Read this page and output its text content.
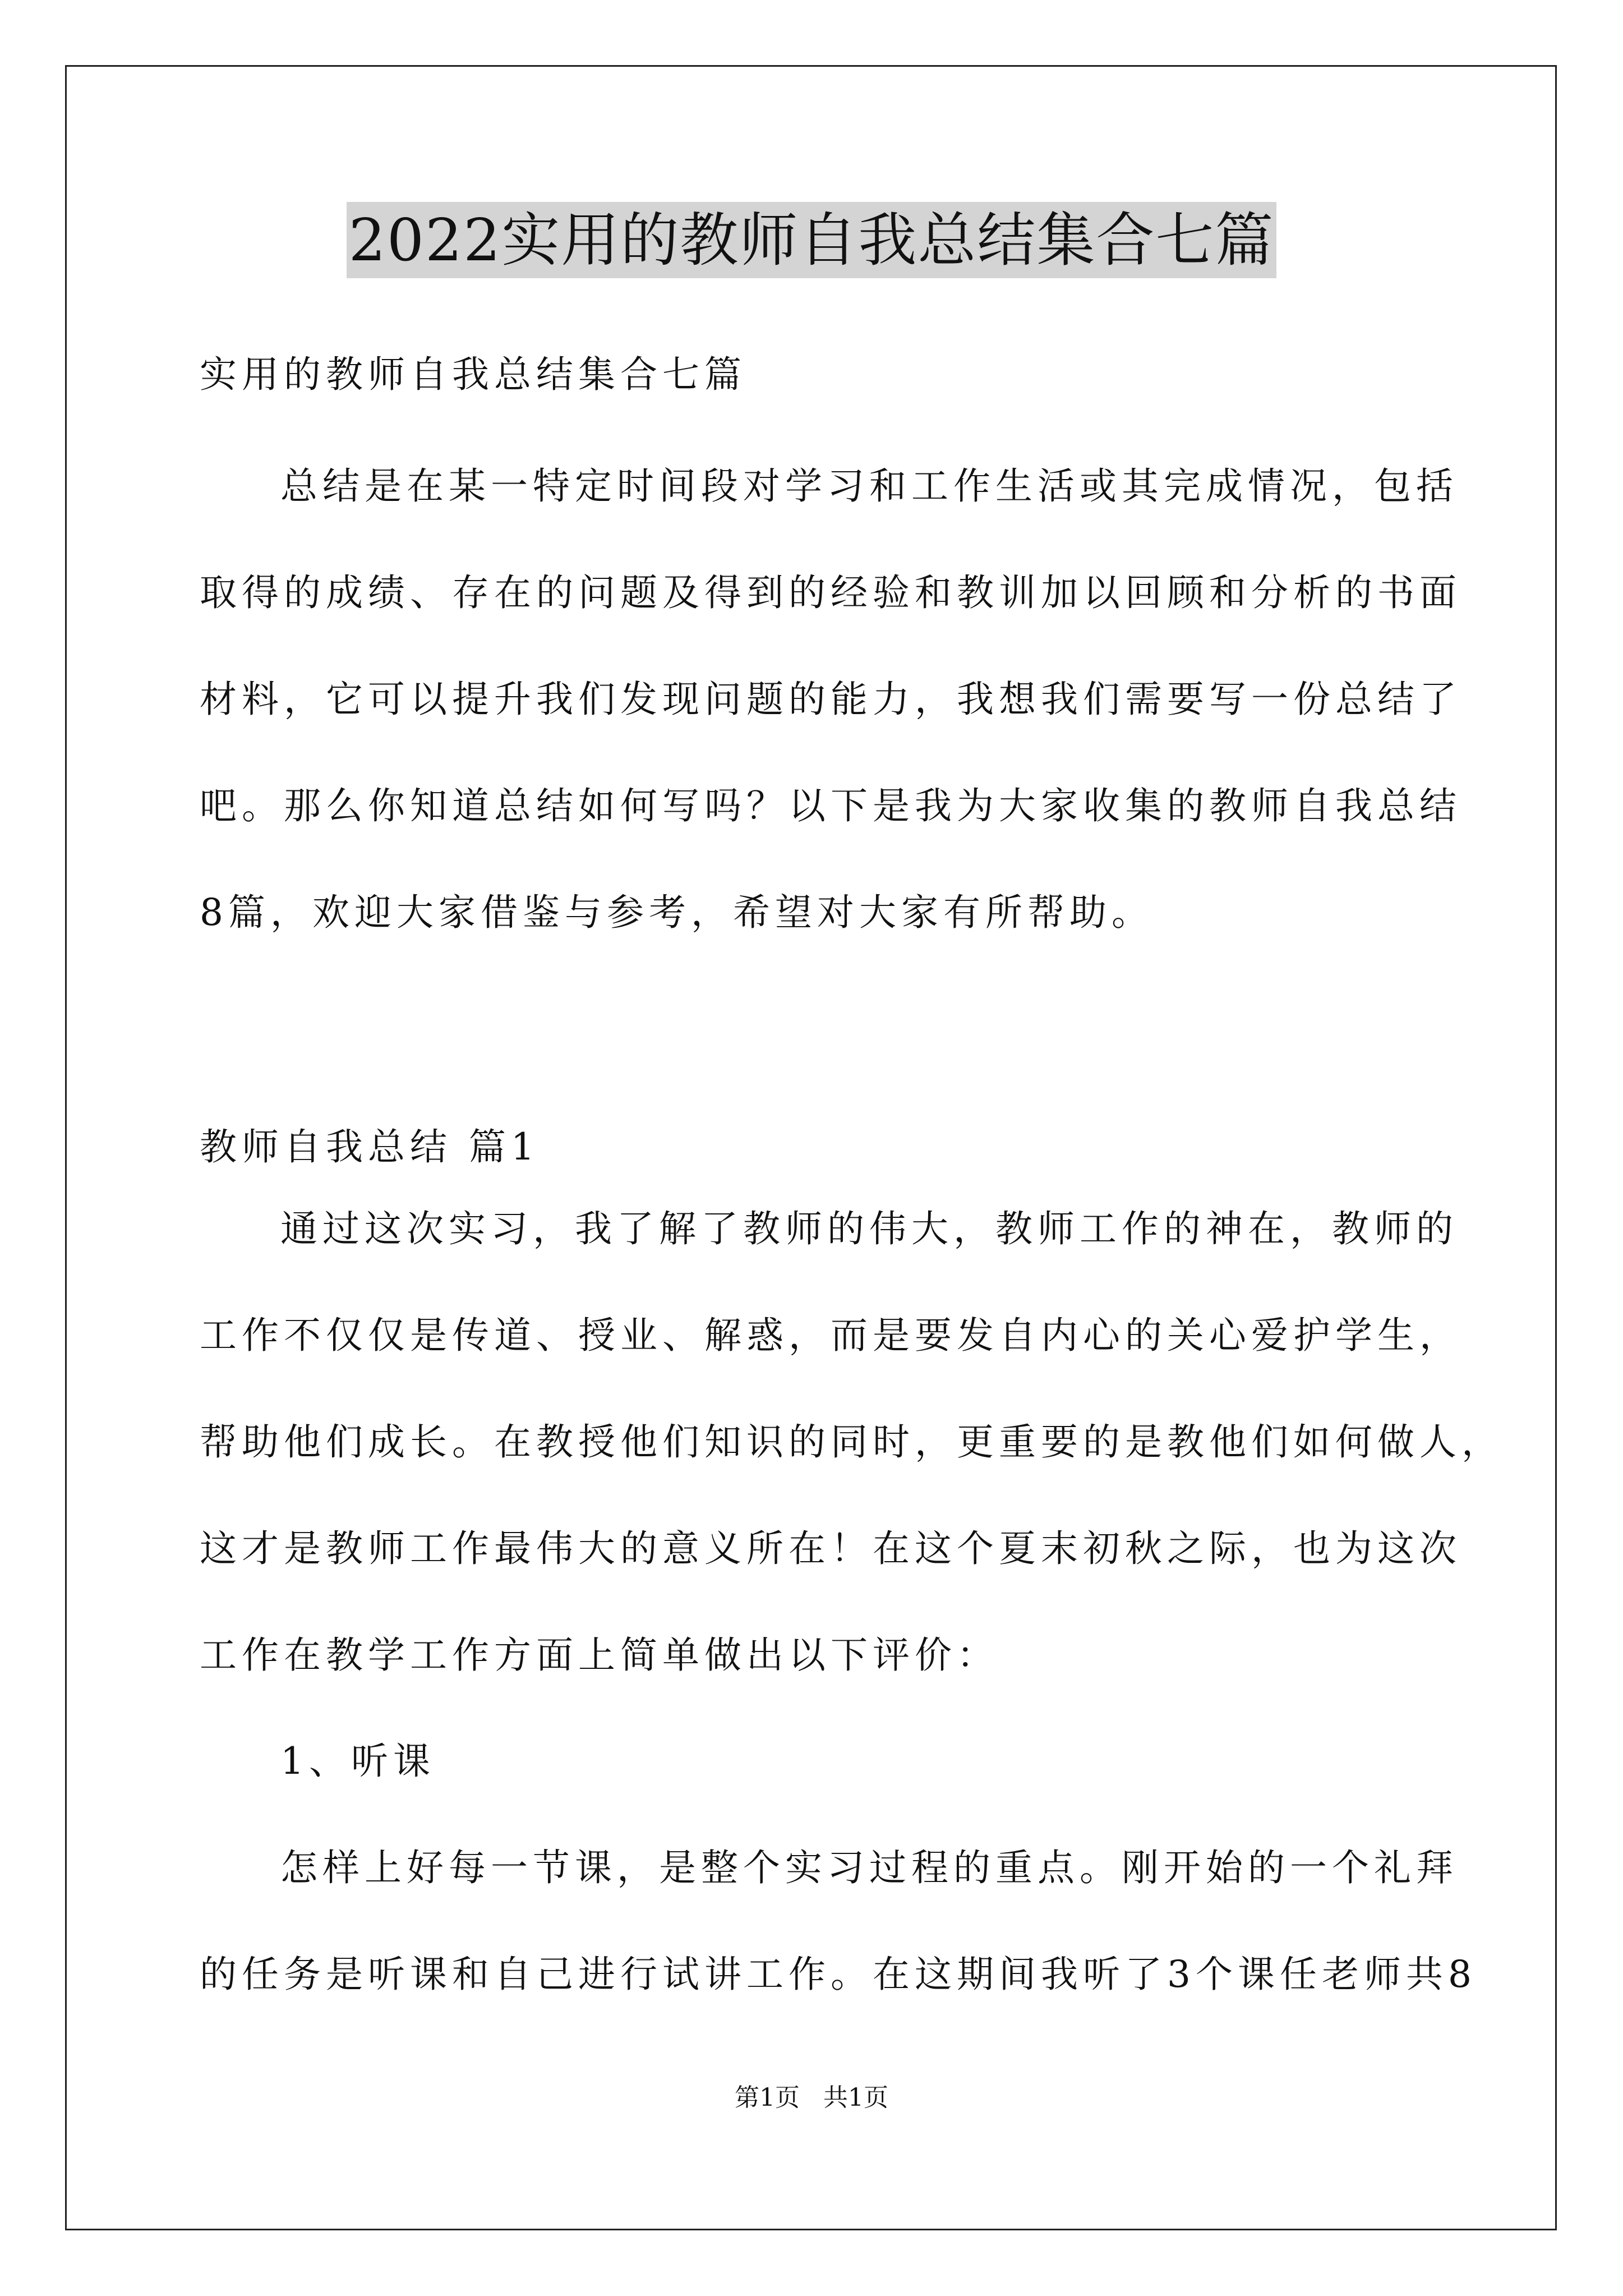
2022实用的教师自我总结集合七篇
实用的教师自我总结集合七篇
总结是在某一特定时间段对学习和工作生活或其完成情况，包括
取得的成绩、存在的问题及得到的经验和教训加以回顾和分析的书面
材料，它可以提升我们发现问题的能力，我想我们需要写一份总结了
吧。那么你知道总结如何写吗？以下是我为大家收集的教师自我总结
8篇，欢迎大家借鉴与参考，希望对大家有所帮助。
教师自我总结 篇1
通过这次实习，我了解了教师的伟大，教师工作的神在，教师的
工作不仅仅是传道、授业、解惑，而是要发自内心的关心爱护学生，
帮助他们成长。在教授他们知识的同时，更重要的是教他们如何做人，
这才是教师工作最伟大的意义所在！在这个夏末初秋之际，也为这次
工作在教学工作方面上简单做出以下评价：
1、听课
怎样上好每一节课，是整个实习过程的重点。刚开始的一个礼拜
的任务是听课和自己进行试讲工作。在这期间我听了3个课任老师共8
第1页   共1页
